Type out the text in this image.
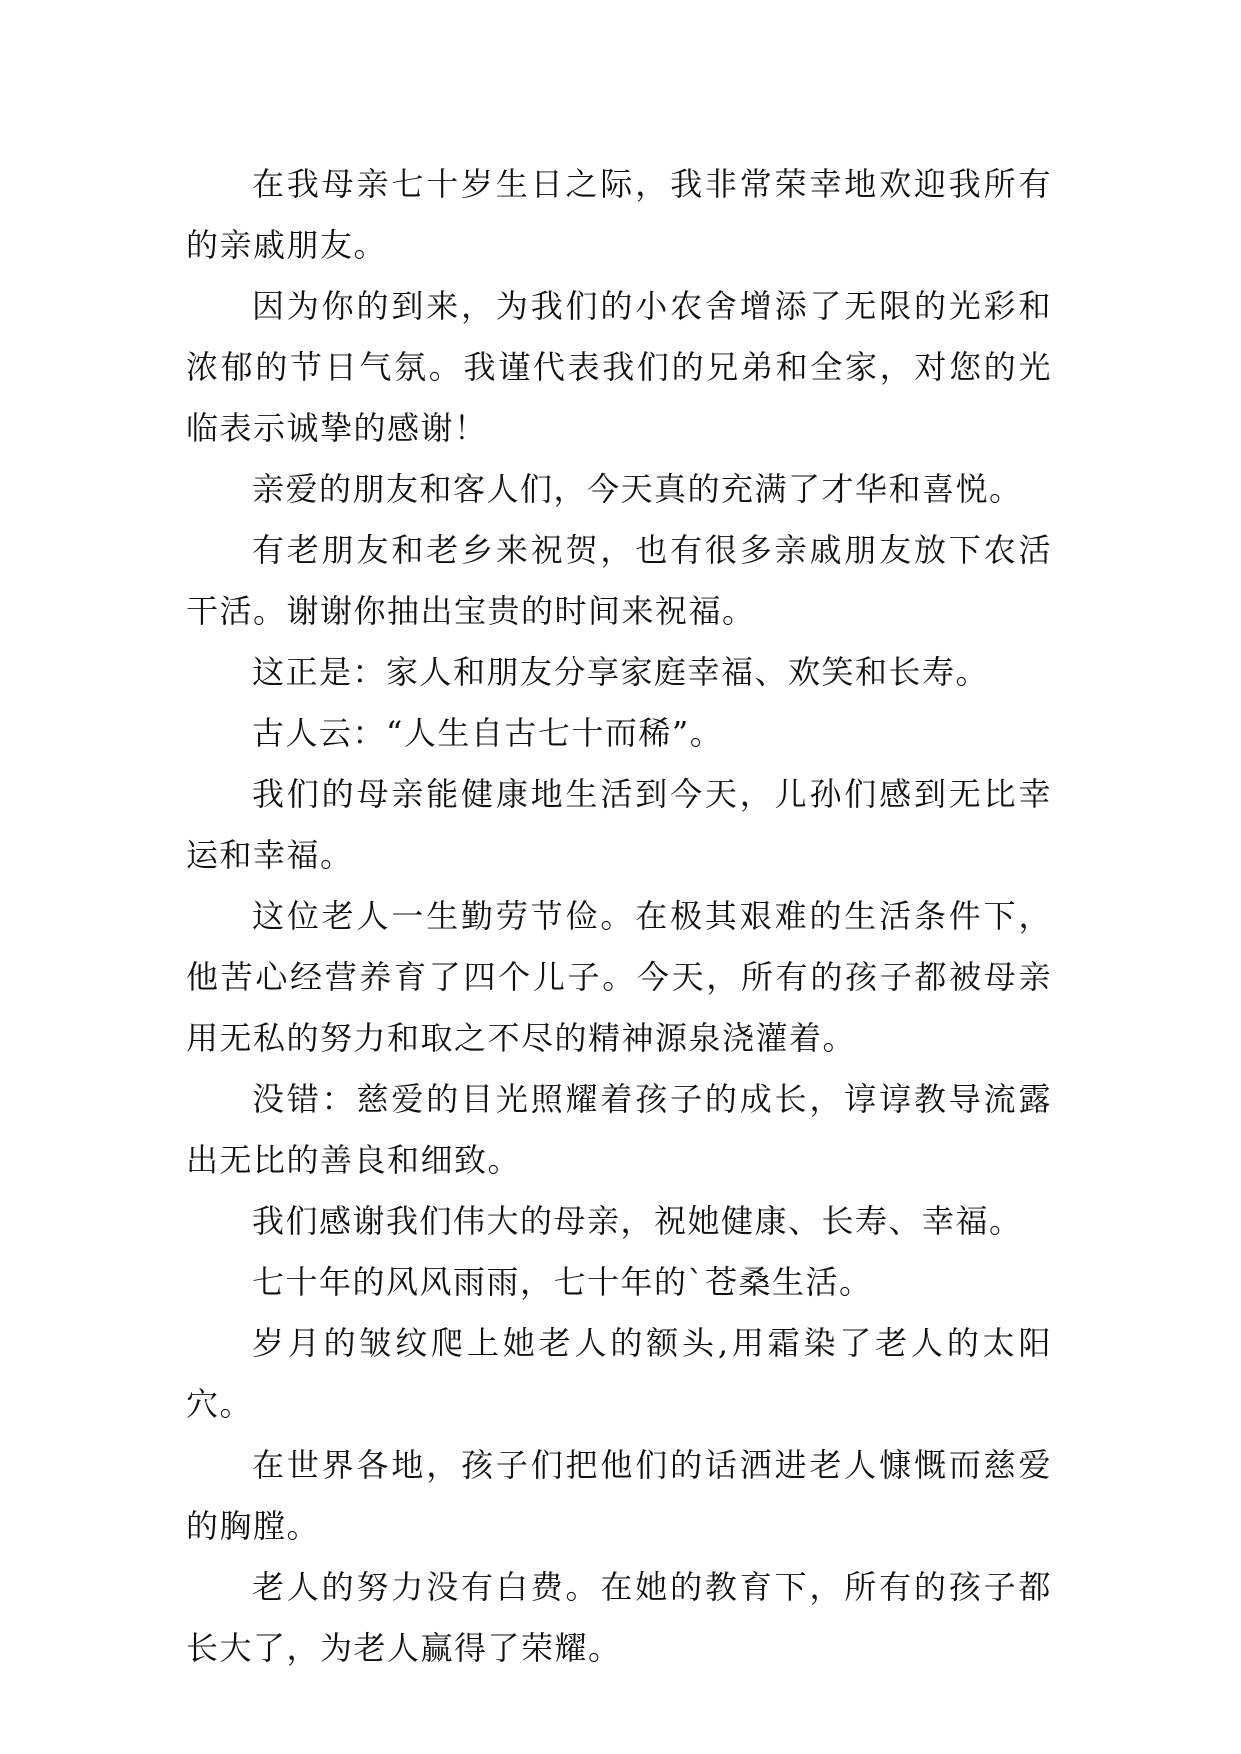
在我母亲七十岁生日之际，我非常荣幸地欢迎我所有的亲戚朋友。

因为你的到来，为我们的小农舍增添了无限的光彩和浓郁的节日气氛。我谨代表我们的兄弟和全家，对您的光临表示诚挚的感谢！

亲爱的朋友和客人们，今天真的充满了才华和喜悦。

有老朋友和老乡来祝贺，也有很多亲戚朋友放下农活干活。谢谢你抽出宝贵的时间来祝福。

这正是：家人和朋友分享家庭幸福、欢笑和长寿。

古人云：“人生自古七十而稀”。

我们的母亲能健康地生活到今天，儿孙们感到无比幸运和幸福。

这位老人一生勤劳节俭。在极其艰难的生活条件下，他苦心经营养育了四个儿子。今天，所有的孩子都被母亲用无私的努力和取之不尽的精神源泉浇灌着。

没错：慈爱的目光照耀着孩子的成长，谆谆教导流露出无比的善良和细致。

我们感谢我们伟大的母亲，祝她健康、长寿、幸福。

七十年的风风雨雨，七十年的`苍桑生活。

岁月的皱纹爬上她老人的额头,用霜染了老人的太阳穴。

在世界各地，孩子们把他们的话洒进老人慷慨而慈爱的胸膛。

老人的努力没有白费。在她的教育下，所有的孩子都长大了，为老人赢得了荣耀。
